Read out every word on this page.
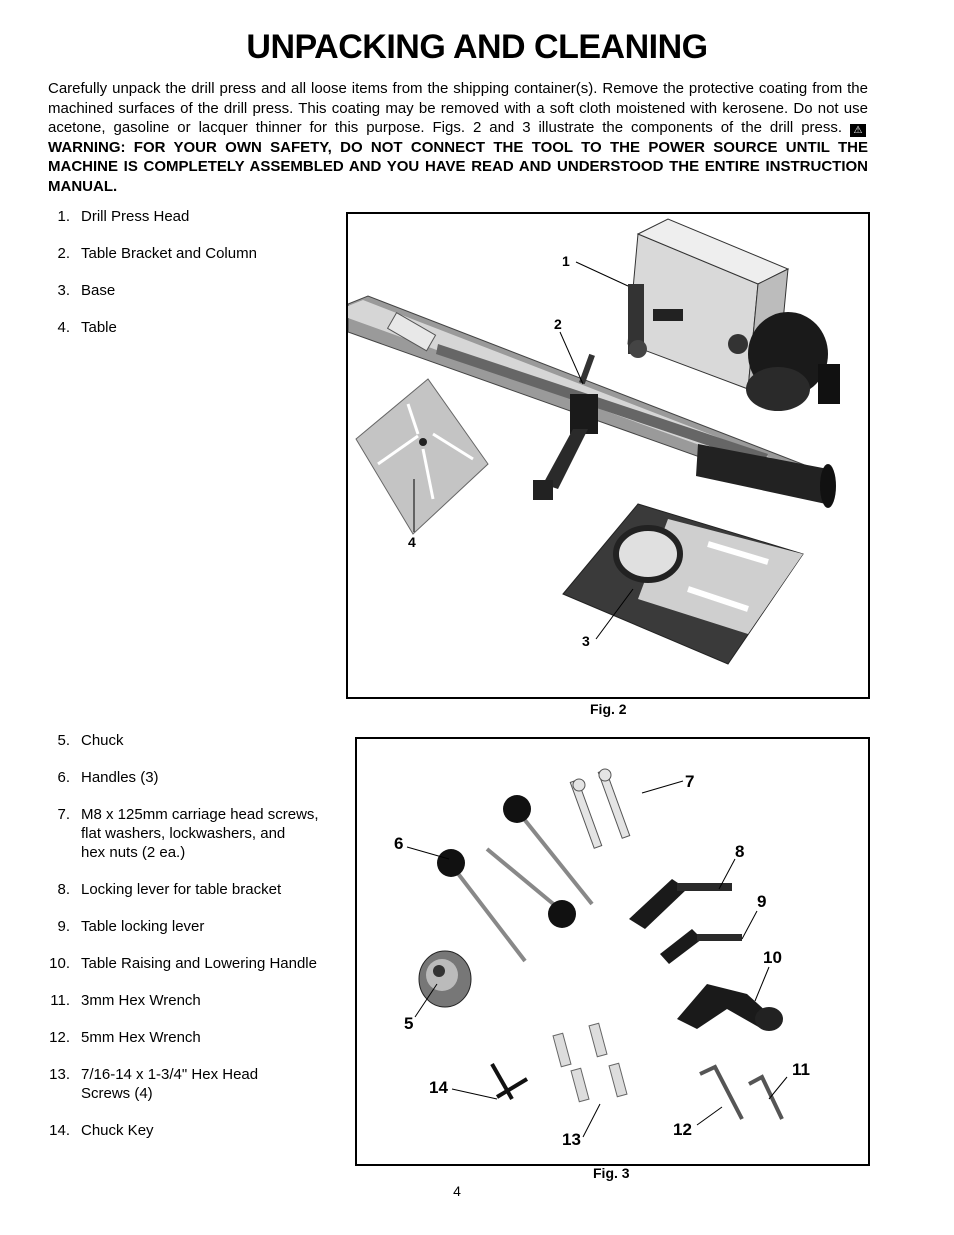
UNPACKING AND CLEANING
Carefully unpack the drill press and all loose items from the shipping container(s). Remove the protective coating from the machined surfaces of the drill press. This coating may be removed with a soft cloth moistened with kerosene. Do not use acetone, gasoline or lacquer thinner for this purpose. Figs. 2 and 3 illustrate the components of the drill press. ⚠WARNING: FOR YOUR OWN SAFETY, DO NOT CONNECT THE TOOL TO THE POWER SOURCE UNTIL THE MACHINE IS COMPLETELY ASSEMBLED AND YOU HAVE READ AND UNDERSTOOD THE ENTIRE INSTRUCTION MANUAL.
1. Drill Press Head
2. Table Bracket and Column
3. Base
4. Table
5. Chuck
6. Handles (3)
7. M8 x 125mm carriage head screws,
flat washers, lockwashers, and
hex nuts (2 ea.)
8. Locking lever for table bracket
9. Table locking lever
10. Table Raising and Lowering Handle
11. 3mm Hex Wrench
12. 5mm Hex Wrench
13. 7/16-14 x 1-3/4" Hex Head
Screws (4)
14. Chuck Key
1
2
3
4
Fig. 2
7
6	8
9
10
5
11
14
12
13
Fig. 3
4
